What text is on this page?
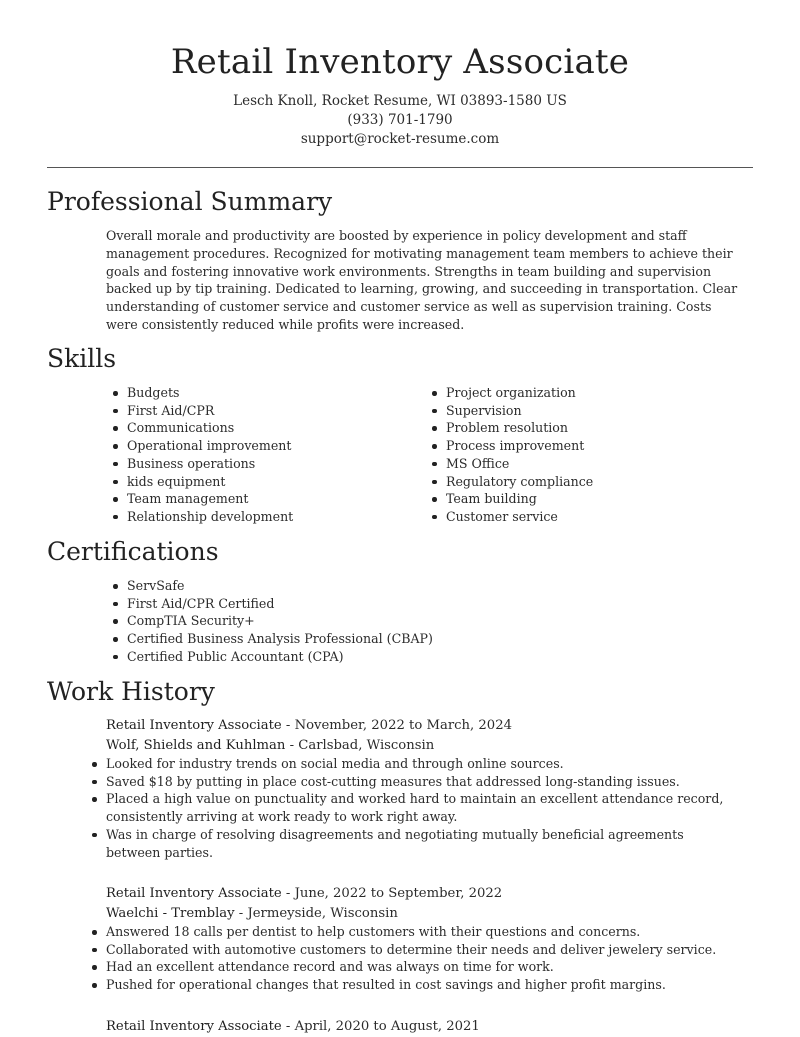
Retail Inventory Associate
Lesch Knoll, Rocket Resume, WI 03893-1580 US
(933) 701-1790
support@rocket-resume.com
Professional Summary

Overall morale and productivity are boosted by experience in policy development and staff management procedures. Recognized for motivating management team members to achieve their goals and fostering innovative work environments. Strengths in team building and supervision backed up by tip training. Dedicated to learning, growing, and succeeding in transportation. Clear understanding of customer service and customer service as well as supervision training. Costs were consistently reduced while profits were increased.

Skills
Budgets
First Aid/CPR
Communications
Operational improvement
Business operations
kids equipment
Team management
Relationship development
Project organization
Supervision
Problem resolution
Process improvement
MS Office
Regulatory compliance
Team building
Customer service
Certifications
ServSafe
First Aid/CPR Certified
CompTIA Security+
Certified Business Analysis Professional (CBAP)
Certified Public Accountant (CPA)
Work History
Retail Inventory Associate - November, 2022 to March, 2024
Wolf, Shields and Kuhlman - Carlsbad, Wisconsin
Looked for industry trends on social media and through online sources.
Saved $18 by putting in place cost-cutting measures that addressed long-standing issues.
Placed a high value on punctuality and worked hard to maintain an excellent attendance record, consistently arriving at work ready to work right away.
Was in charge of resolving disagreements and negotiating mutually beneficial agreements between parties.
Retail Inventory Associate - June, 2022 to September, 2022
Waelchi - Tremblay - Jermeyside, Wisconsin
Answered 18 calls per dentist to help customers with their questions and concerns.
Collaborated with automotive customers to determine their needs and deliver jewelery service.
Had an excellent attendance record and was always on time for work.
Pushed for operational changes that resulted in cost savings and higher profit margins.
Retail Inventory Associate - April, 2020 to August, 2021
